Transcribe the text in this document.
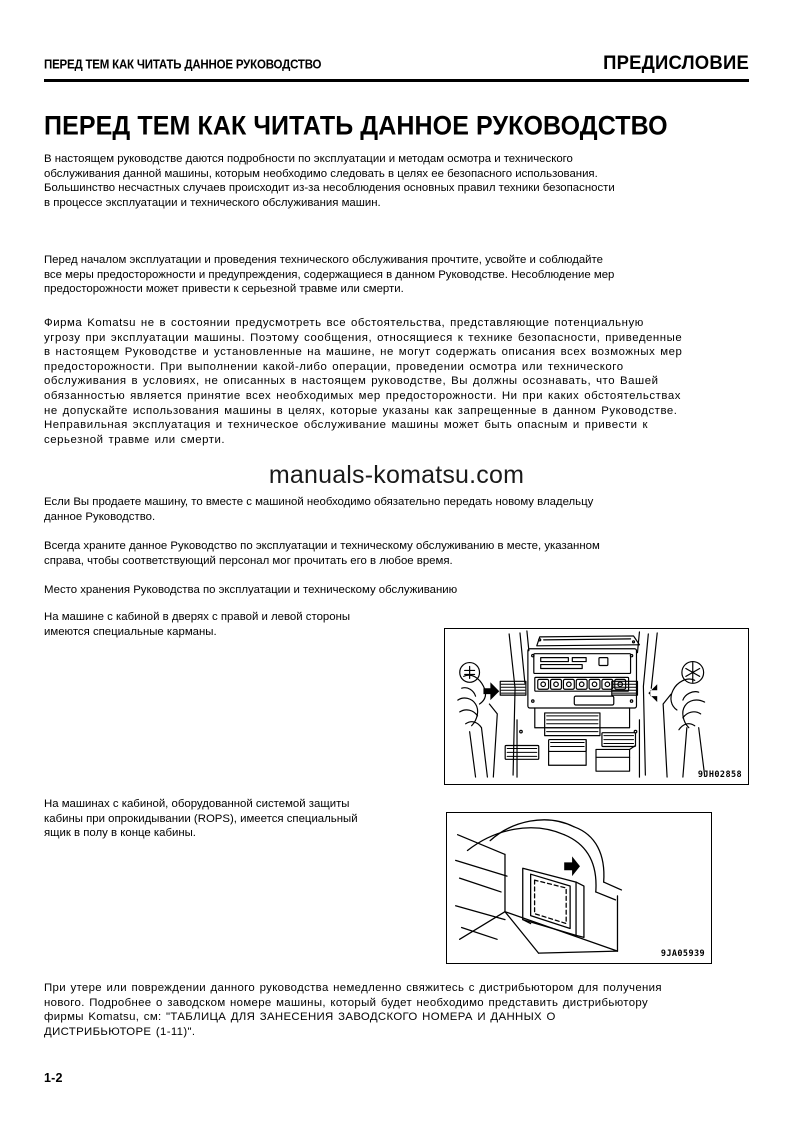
ПЕРЕД ТЕМ КАК ЧИТАТЬ ДАННОЕ РУКОВОДСТВО	ПРЕДИСЛОВИЕ
ПЕРЕД ТЕМ КАК ЧИТАТЬ ДАННОЕ РУКОВОДСТВО
В настоящем руководстве даются подробности по эксплуатации и методам осмотра и технического
обслуживания данной машины, которым необходимо следовать в целях ее безопасного использования.
Большинство несчастных случаев происходит из-за несоблюдения основных правил техники безопасности
в процессе эксплуатации и технического обслуживания машин.
Перед началом эксплуатации и проведения технического обслуживания прочтите, усвойте и соблюдайте
все меры предосторожности и предупреждения, содержащиеся в данном Руководстве. Несоблюдение мер
предосторожности может привести к серьезной травме или смерти.
Фирма Komatsu не в состоянии предусмотреть все обстоятельства, представляющие потенциальную
угрозу при эксплуатации машины. Поэтому сообщения, относящиеся к технике безопасности, приведенные
в настоящем Руководстве и установленные на машине, не могут содержать описания всех возможных мер
предосторожности. При выполнении какой-либо операции, проведении осмотра или технического
обслуживания в условиях, не описанных в настоящем руководстве, Вы должны осознавать, что Вашей
обязанностью является принятие всех необходимых мер предосторожности. Ни при каких обстоятельствах
не допускайте использования машины в целях, которые указаны как запрещенные в данном Руководстве.
Неправильная эксплуатация и техническое обслуживание машины может быть опасным и привести к
серьезной травме или смерти.
Если Вы продаете машину, то вместе с машиной необходимо обязательно передать новому владельцу
данное Руководство.
Всегда храните данное Руководство по эксплуатации и техническому обслуживанию в месте, указанном
справа, чтобы соответствующий персонал мог прочитать его в любое время.
Место хранения Руководства по эксплуатации и техническому обслуживанию
На машине с кабиной в дверях с правой и левой стороны
имеются специальные карманы.
На машинах с кабиной, оборудованной системой защиты
кабины при опрокидывании (ROPS), имеется специальный
ящик в полу в конце кабины.
При утере или повреждении данного руководства немедленно свяжитесь с дистрибьютором для получения
нового. Подробнее о заводском номере машины, который будет необходимо представить дистрибьютору
фирмы Komatsu, см: "ТАБЛИЦА ДЛЯ ЗАНЕСЕНИЯ ЗАВОДСКОГО НОМЕРА И ДАННЫХ О
ДИСТРИБЬЮТОРЕ (1-11)".
manuals-komatsu.com
9JH02858
9JA05939
1-2
